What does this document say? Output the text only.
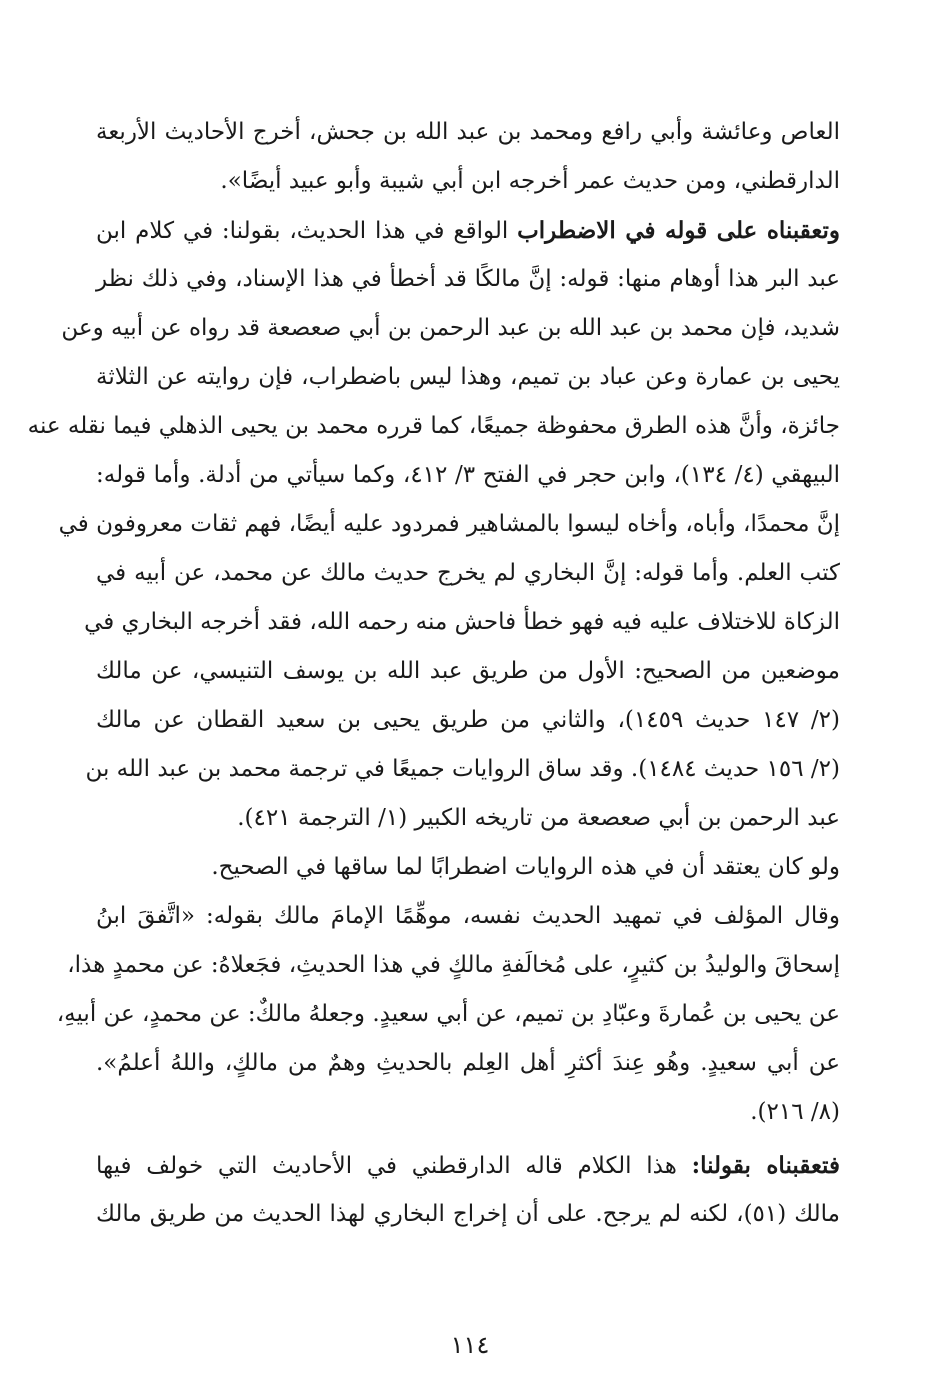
العاص وعائشة وأبي رافع ومحمد بن عبد الله بن جحش، أخرج الأحاديث الأربعة
الدارقطني، ومن حديث عمر أخرجه ابن أبي شيبة وأبو عبيد أيضًا».
وتعقبناه على قوله في الاضطراب الواقع في هذا الحديث، بقولنا: في كلام ابن
عبد البر هذا أوهام منها: قوله: إنَّ مالكًا قد أخطأ في هذا الإسناد، وفي ذلك نظر
شديد، فإن محمد بن عبد الله بن عبد الرحمن بن أبي صعصعة قد رواه عن أبيه وعن
يحيى بن عمارة وعن عباد بن تميم، وهذا ليس باضطراب، فإن روايته عن الثلاثة
جائزة، وأنَّ هذه الطرق محفوظة جميعًا، كما قرره محمد بن يحيى الذهلي فيما نقله عنه
البيهقي (٤/ ١٣٤)، وابن حجر في الفتح ٣/ ٤١٢، وكما سيأتي من أدلة. وأما قوله:
إنَّ محمدًا، وأباه، وأخاه ليسوا بالمشاهير فمردود عليه أيضًا، فهم ثقات معروفون في
كتب العلم. وأما قوله: إنَّ البخاري لم يخرج حديث مالك عن محمد، عن أبيه في
الزكاة للاختلاف عليه فيه فهو خطأ فاحش منه رحمه الله، فقد أخرجه البخاري في
موضعين من الصحيح: الأول من طريق عبد الله بن يوسف التنيسي، عن مالك
(٢/ ١٤٧ حديث ١٤٥٩)، والثاني من طريق يحيى بن سعيد القطان عن مالك
(٢/ ١٥٦ حديث ١٤٨٤). وقد ساق الروايات جميعًا في ترجمة محمد بن عبد الله بن
عبد الرحمن بن أبي صعصعة من تاريخه الكبير (١/ الترجمة ٤٢١).
ولو كان يعتقد أن في هذه الروايات اضطرابًا لما ساقها في الصحيح.
وقال المؤلف في تمهيد الحديث نفسه، موهِّمًا الإمامَ مالك بقوله: «اتَّفقَ ابنُ
إسحاقَ والوليدُ بن كثيرٍ، على مُخالَفةِ مالكٍ في هذا الحديثِ، فجَعلاهُ: عن محمدٍ هذا،
عن يحيى بن عُمارةَ وعبّادِ بن تميم، عن أبي سعيدٍ. وجعلهُ مالكٌ: عن محمدٍ، عن أبيهِ،
عن أبي سعيدٍ. وهُو عِندَ أكثرِ أهل العِلم بالحديثِ وهمٌ من مالكٍ، واللهُ أعلمُ».
(٨/ ٢١٦).
فتعقبناه بقولنا: هذا الكلام قاله الدارقطني في الأحاديث التي خولف فيها
مالك (٥١)، لكنه لم يرجح. على أن إخراج البخاري لهذا الحديث من طريق مالك
١١٤
